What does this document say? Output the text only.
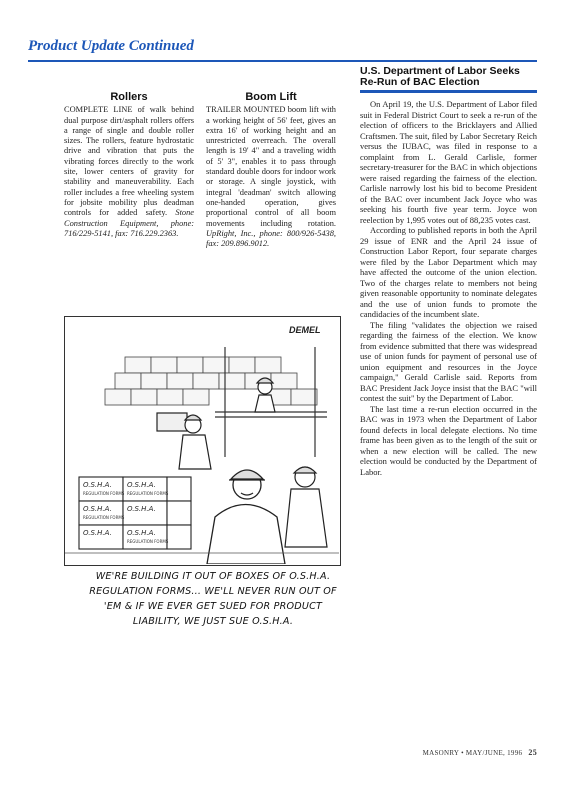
Product Update Continued
Rollers

COMPLETE LINE of walk behind dual purpose dirt/asphalt rollers offers a range of single and double roller sizes. The rollers, feature hydrostatic drive and vibration that puts the vibrating forces directly to the work site, lower centers of gravity for stability and maneuverability. Each roller includes a free wheeling system for jobsite mobility plus deadman controls for added safety. Stone Construction Equipment, phone: 716/229-5141, fax: 716.229.2363.

Boom Lift

TRAILER MOUNTED boom lift with a working height of 56' feet, gives an extra 16' of working height and an unrestricted overreach. The overall length is 19' 4" and a traveling width of 5' 3", enables it to pass through standard double doors for indoor work or storage. A single joystick, with integral 'deadman' switch allowing one-handed operation, gives proportional control of all boom movements including rotation. UpRight, Inc., phone: 800/926-5438, fax: 209.896.9012.

DEMEL
O.S.H.A. O.S.H.A.
O.S.H.A. O.S.H.A.
O.S.H.A. O.S.H.A.
REGULATION FORMS REGULATION FORMS
REGULATION FORMS
REGULATION FORMS
WE'RE BUILDING IT OUT OF BOXES OF O.S.H.A. REGULATION FORMS... WE'LL NEVER RUN OUT OF 'EM & IF WE EVER GET SUED FOR PRODUCT LIABILITY, WE JUST SUE O.S.H.A.
U.S. Department of Labor Seeks Re-Run of BAC Election

On April 19, the U.S. Department of Labor filed suit in Federal District Court to seek a re-run of the election of officers to the Bricklayers and Allied Craftsmen. The suit, filed by Labor Secretary Reich versus the IUBAC, was filed in response to a complaint from L. Gerald Carlisle, former secretary-treasurer for the BAC in which objections were raised regarding the fairness of the election. Carlisle narrowly lost his bid to become President of the BAC over incumbent Jack Joyce who was seeking his fourth five year term. Joyce won reelection by 1,995 votes out of 88,235 votes cast.

According to published reports in both the April 29 issue of ENR and the April 24 issue of Construction Labor Report, four separate charges were filed by the Labor Department which may have affected the outcome of the union election. Two of the charges relate to members not being given reasonable opportunity to nominate delegates and the use of union funds to promote the candidacies of the incumbent slate.

The filing "validates the objection we raised regarding the fairness of the election. We know from evidence submitted that there was widespread use of union funds for payment of personal use of union equipment and resources in the Joyce campaign," Gerald Carlisle said. Reports from BAC President Jack Joyce insist that the BAC "will contest the suit" by the Department of Labor.

The last time a re-run election occurred in the BAC was in 1973 when the Department of Labor found defects in local delegate elections. No time frame has been given as to the length of the suit or when a new election will be called. The new election would be conducted by the Department of Labor.

MASONRY • MAY/JUNE, 1996 25
